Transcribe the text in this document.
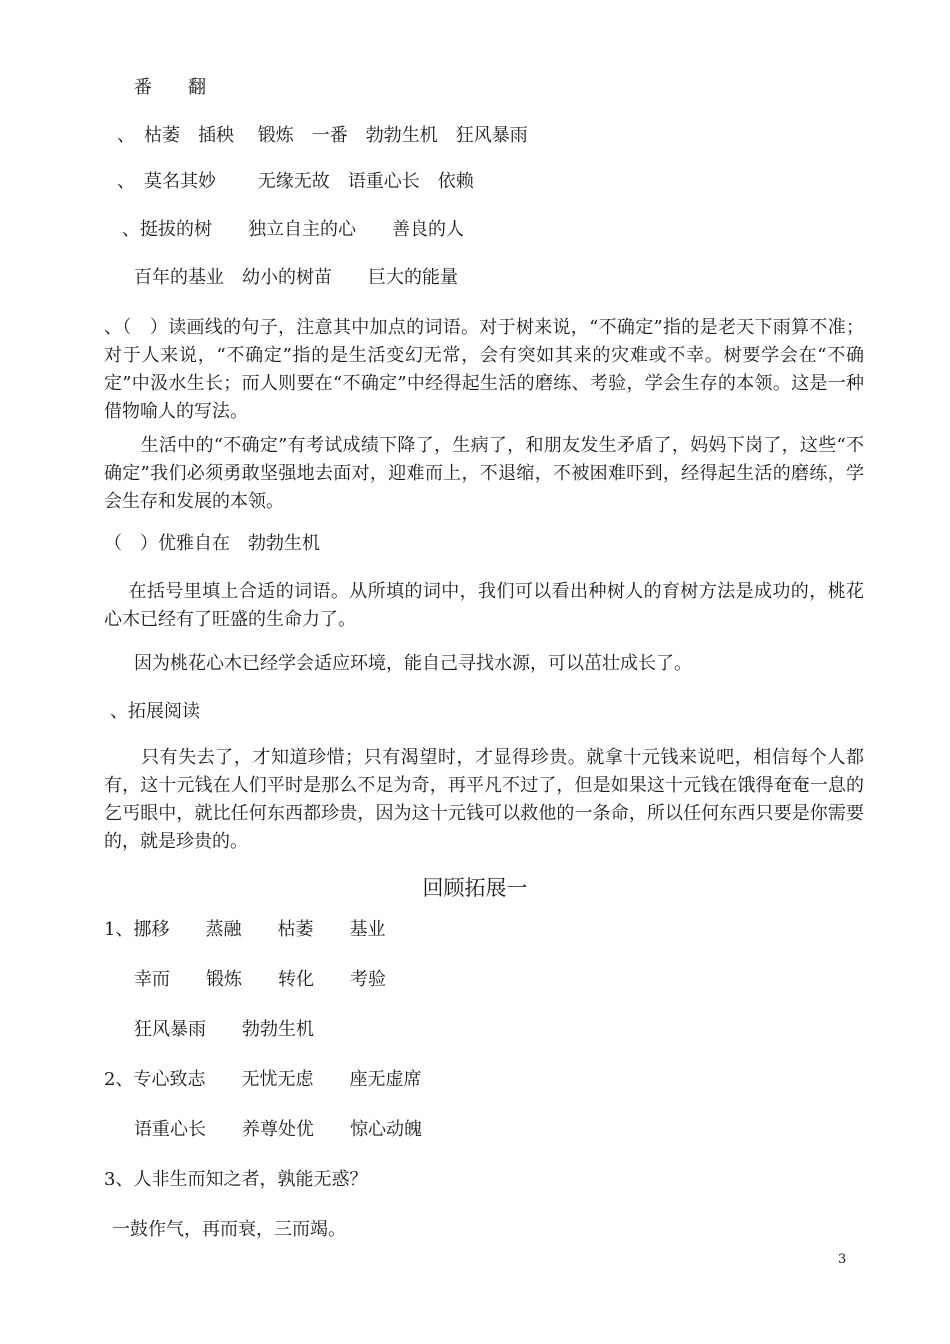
番　　翻
、　枯萎　插秧　 锻炼　一番　勃勃生机　狂风暴雨
、　莫名其妙　　 无缘无故　语重心长　依赖
、挺拔的树　　独立自主的心　　善良的人
百年的基业　幼小的树苗　　巨大的能量
、（　）读画线的句子，注意其中加点的词语。对于树来说，“不确定”指的是老天下雨算不准；对于人来说，“不确定”指的是生活变幻无常，会有突如其来的灾难或不幸。树要学会在“不确定”中汲水生长；而人则要在“不确定”中经得起生活的磨练、考验，学会生存的本领。这是一种借物喻人的写法。
　　生活中的“不确定”有考试成绩下降了，生病了，和朋友发生矛盾了，妈妈下岗了，这些“不确定”我们必须勇敢坚强地去面对，迎难而上，不退缩，不被困难吓到，经得起生活的磨练，学会生存和发展的本领。
（　）优雅自在　勃勃生机
　 在括号里填上合适的词语。从所填的词中，我们可以看出种树人的育树方法是成功的，桃花心木已经有了旺盛的生命力了。
因为桃花心木已经学会适应环境，能自己寻找水源，可以茁壮成长了。
、拓展阅读
　　只有失去了，才知道珍惜；只有渴望时，才显得珍贵。就拿十元钱来说吧，相信每个人都有，这十元钱在人们平时是那么不足为奇，再平凡不过了，但是如果这十元钱在饿得奄奄一息的乞丐眼中，就比任何东西都珍贵，因为这十元钱可以救他的一条命，所以任何东西只要是你需要的，就是珍贵的。
回顾拓展一
1、挪移　　蒸融　　枯萎　　基业
幸而　　锻炼　　转化　　考验
狂风暴雨　　勃勃生机
2、专心致志　　无忧无虑　　座无虚席
语重心长　　养尊处优　　惊心动魄
3、人非生而知之者，孰能无惑？
一鼓作气，再而衰，三而竭。
3
